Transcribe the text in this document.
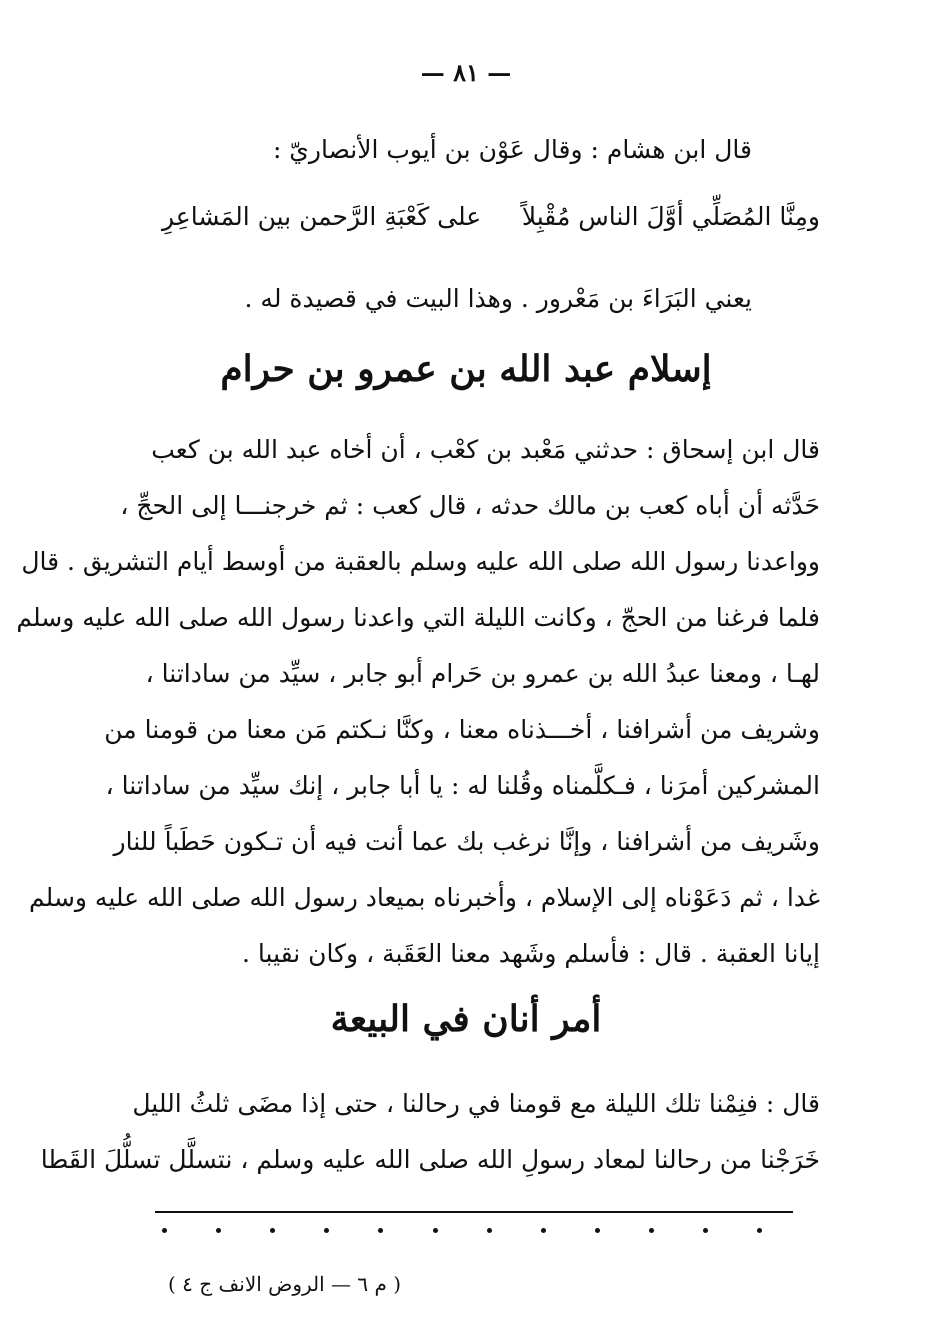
— ٨١ —
قال ابن هشام : وقال عَوْن بن أيوب الأنصاريّ :
ومِنَّا المُصَلِّي أوَّلَ الناس مُقْبِلاً
على كَعْبَةِ الرَّحمن بين المَشاعِرِ
يعني البَرَاءَ بن مَعْرور . وهذا البيت في قصيدة له .
إسلام عبد الله بن عمرو بن حرام
قال ابن إسحاق : حدثني مَعْبد بن كعْب ، أن أخاه عبد الله بن كعب
حَدَّثه أن أباه كعب بن مالك حدثه ، قال كعب : ثم خرجنـــا إلى الحجِّ ،
وواعدنا رسول الله صلى الله عليه وسلم بالعقبة من أوسط أيام التشريق . قال
فلما فرغنا من الحجّ ، وكانت الليلة التي واعدنا رسول الله صلى الله عليه وسلم
لهـا ، ومعنا عبدُ الله بن عمرو بن حَرام أبو جابر ، سيِّد من ساداتنا ،
وشريف من أشرافنا ، أخـــذناه معنا ، وكنَّا نـكتم مَن معنا من قومنا من
المشركين أمرَنا ، فـكلَّمناه وقُلنا له : يا أبا جابر ، إنك سيِّد من ساداتنا ،
وشَريف من أشرافنا ، وإنَّا نرغب بك عما أنت فيه أن تـكون حَطَباً للنار
غدا ، ثم دَعَوْناه إلى الإسلام ، وأخبرناه بميعاد رسول الله صلى الله عليه وسلم
إيانا العقبة . قال : فأسلم وشَهد معنا العَقَبة ، وكان نقيبا .
أمر أنان في البيعة
قال : فنِمْنا تلك الليلة مع قومنا في رحالنا ، حتى إذا مضَى ثلثُ الليل
خَرَجْنا من رحالنا لمعاد رسولِ الله صلى الله عليه وسلم ، نتسلَّل تسلُّلَ القَطا
( م ٦ — الروض الانف ج ٤ )
